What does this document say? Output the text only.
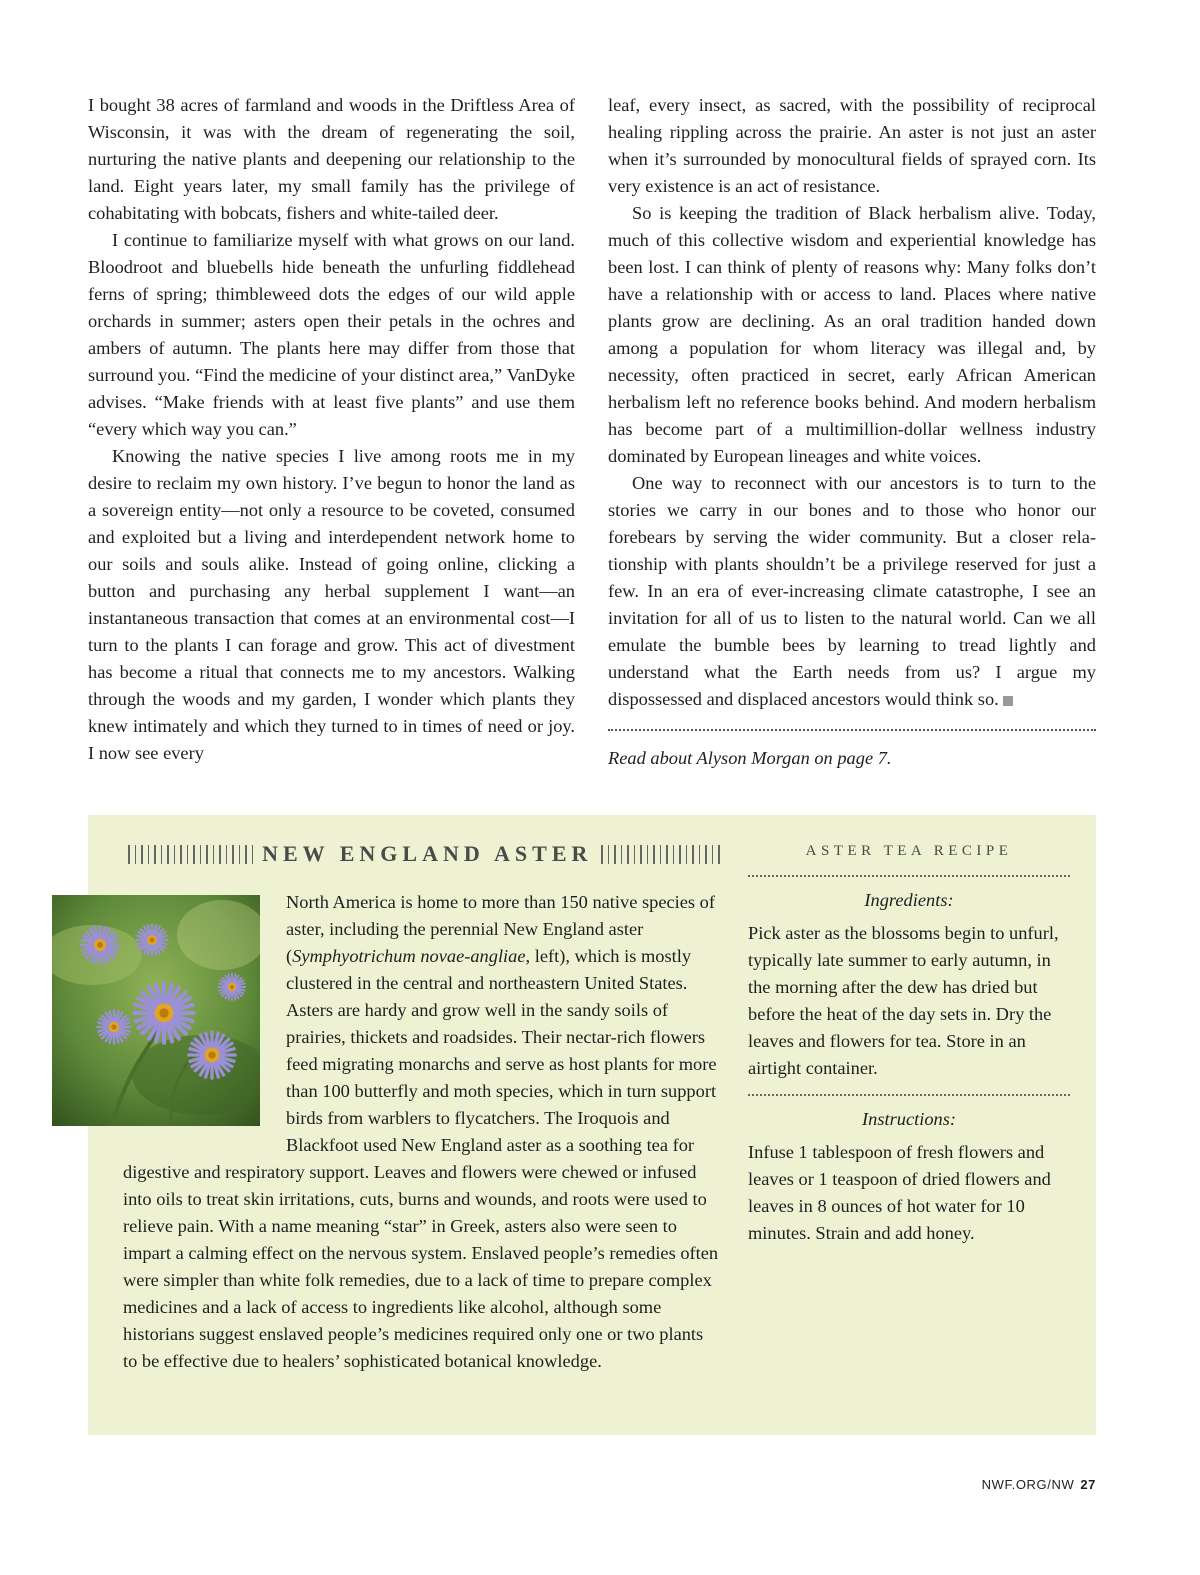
I bought 38 acres of farmland and woods in the Driftless Area of Wisconsin, it was with the dream of regenerating the soil, nurturing the native plants and deepening our relationship to the land. Eight years later, my small family has the privilege of cohabitating with bobcats, fishers and white-tailed deer.

I continue to familiarize myself with what grows on our land. Bloodroot and bluebells hide beneath the unfurling fiddlehead ferns of spring; thimbleweed dots the edges of our wild apple orchards in summer; asters open their petals in the ochres and ambers of autumn. The plants here may differ from those that surround you. “Find the medicine of your distinct area,” VanDyke advises. “Make friends with at least five plants” and use them “every which way you can.”

Knowing the native species I live among roots me in my desire to reclaim my own history. I’ve begun to honor the land as a sovereign entity—not only a resource to be coveted, consumed and exploited but a living and interdependent network home to our soils and souls alike. Instead of going online, clicking a button and purchasing any herbal supplement I want—an instantaneous transaction that comes at an environmental cost—I turn to the plants I can forage and grow. This act of divestment has become a ritual that connects me to my ancestors. Walking through the woods and my garden, I wonder which plants they knew intimately and which they turned to in times of need or joy. I now see every

leaf, every insect, as sacred, with the possibility of reciprocal healing rippling across the prairie. An aster is not just an aster when it’s surrounded by monocultural fields of sprayed corn. Its very existence is an act of resistance.

So is keeping the tradition of Black herbalism alive. Today, much of this collective wisdom and experiential knowledge has been lost. I can think of plenty of reasons why: Many folks don’t have a relationship with or access to land. Places where native plants grow are declining. As an oral tradition handed down among a population for whom literacy was illegal and, by necessity, often practiced in secret, early African American herbalism left no reference books behind. And modern herbalism has become part of a multimillion-dollar wellness industry dominated by European lineages and white voices.

One way to reconnect with our ancestors is to turn to the stories we carry in our bones and to those who honor our forebears by serving the wider community. But a closer relationship with plants shouldn’t be a privilege reserved for just a few. In an era of ever-increasing climate catastrophe, I see an invitation for all of us to listen to the natural world. Can we all emulate the bumble bees by learning to tread lightly and understand what the Earth needs from us? I argue my dispossessed and displaced ancestors would think so.

Read about Alyson Morgan on page 7.

NEW ENGLAND ASTER

North America is home to more than 150 native species of aster, including the perennial New England aster (Symphyotrichum novae-angliae, left), which is mostly clustered in the central and northeastern United States. Asters are hardy and grow well in the sandy soils of prairies, thickets and roadsides. Their nectar-rich flowers feed migrating monarchs and serve as host plants for more than 100 butterfly and moth species, which in turn support birds from warblers to flycatchers. The Iroquois and Blackfoot used New England aster as a soothing tea for digestive and respiratory support. Leaves and flowers were chewed or infused into oils to treat skin irritations, cuts, burns and wounds, and roots were used to relieve pain. With a name meaning “star” in Greek, asters also were seen to impart a calming effect on the nervous system. Enslaved people’s remedies often were simpler than white folk remedies, due to a lack of time to prepare complex medicines and a lack of access to ingredients like alcohol, although some historians suggest enslaved people’s medicines required only one or two plants to be effective due to healers’ sophisticated botanical knowledge.

ASTER TEA RECIPE

Ingredients:

Pick aster as the blossoms begin to unfurl, typically late summer to early autumn, in the morning after the dew has dried but before the heat of the day sets in. Dry the leaves and flowers for tea. Store in an airtight container.

Instructions:

Infuse 1 tablespoon of fresh flowers and leaves or 1 teaspoon of dried flowers and leaves in 8 ounces of hot water for 10 minutes. Strain and add honey.

NWF.ORG/NW 27
